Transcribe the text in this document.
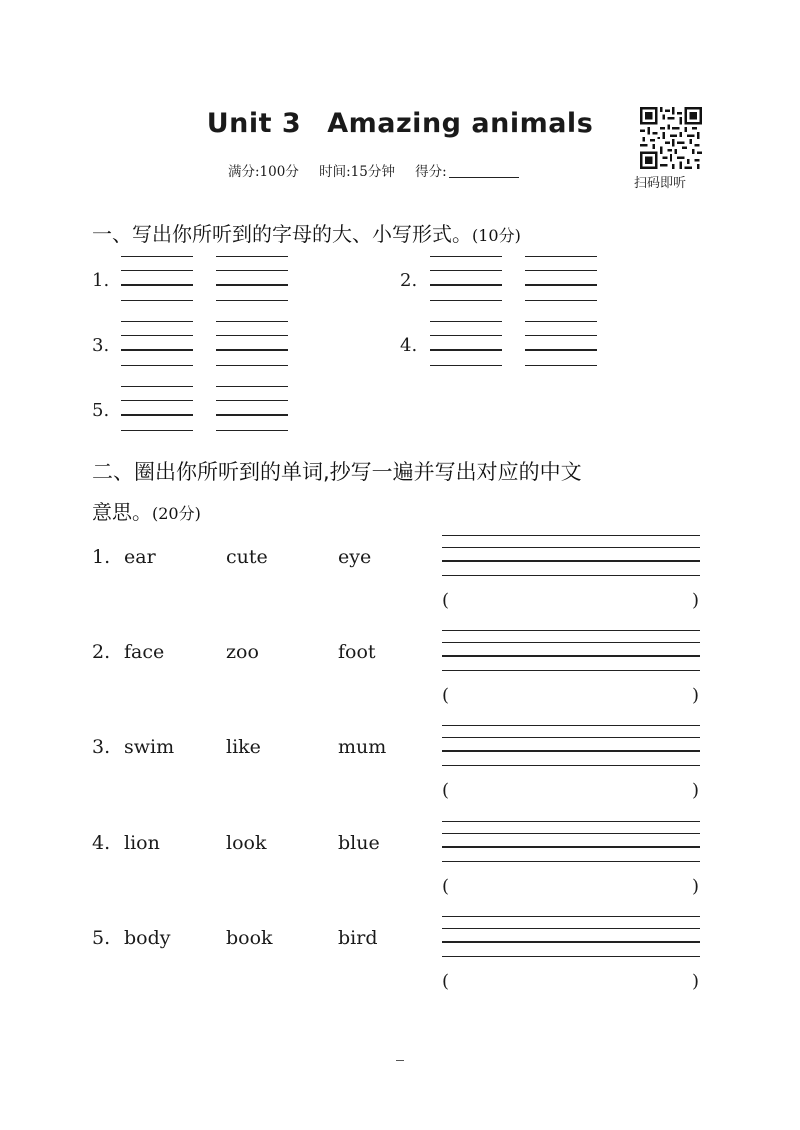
Unit 3 Amazing animals
满分:100分 时间:15分钟 得分:
扫码即听
一、写出你所听到的字母的大、小写形式。(10分)
1.	2.
3.	4.
5.
二、圈出你所听到的单词,抄写一遍并写出对应的中文
意思。(20分)
1. ear	cute	eye
(	)
2. face	zoo	foot
(	)
3. swim	like	mum
(	)
4. lion	look	blue
(	)
5. body	book	bird
(	)
